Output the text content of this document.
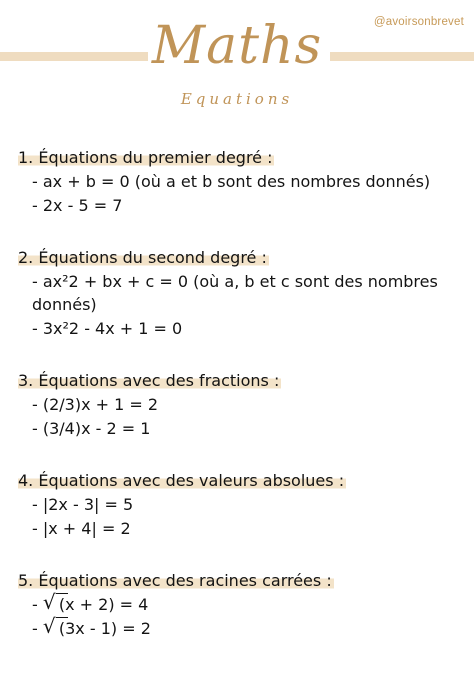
@avoirsonbrevet
Maths
Equations

1. Équations du premier degré :

- ax + b = 0 (où a et b sont des nombres donnés)

- 2x - 5 = 7

2. Équations du second degré :

- ax²2 + bx + c = 0 (où a, b et c sont des nombres donnés)

- 3x²2 - 4x + 1 = 0

3. Équations avec des fractions :

- (2/3)x + 1 = 2

- (3/4)x - 2 = 1

4. Équations avec des valeurs absolues :

- |2x - 3| = 5

- |x + 4| = 2

5. Équations avec des racines carrées :

- √ (x + 2) = 4

- √ (3x - 1) = 2
